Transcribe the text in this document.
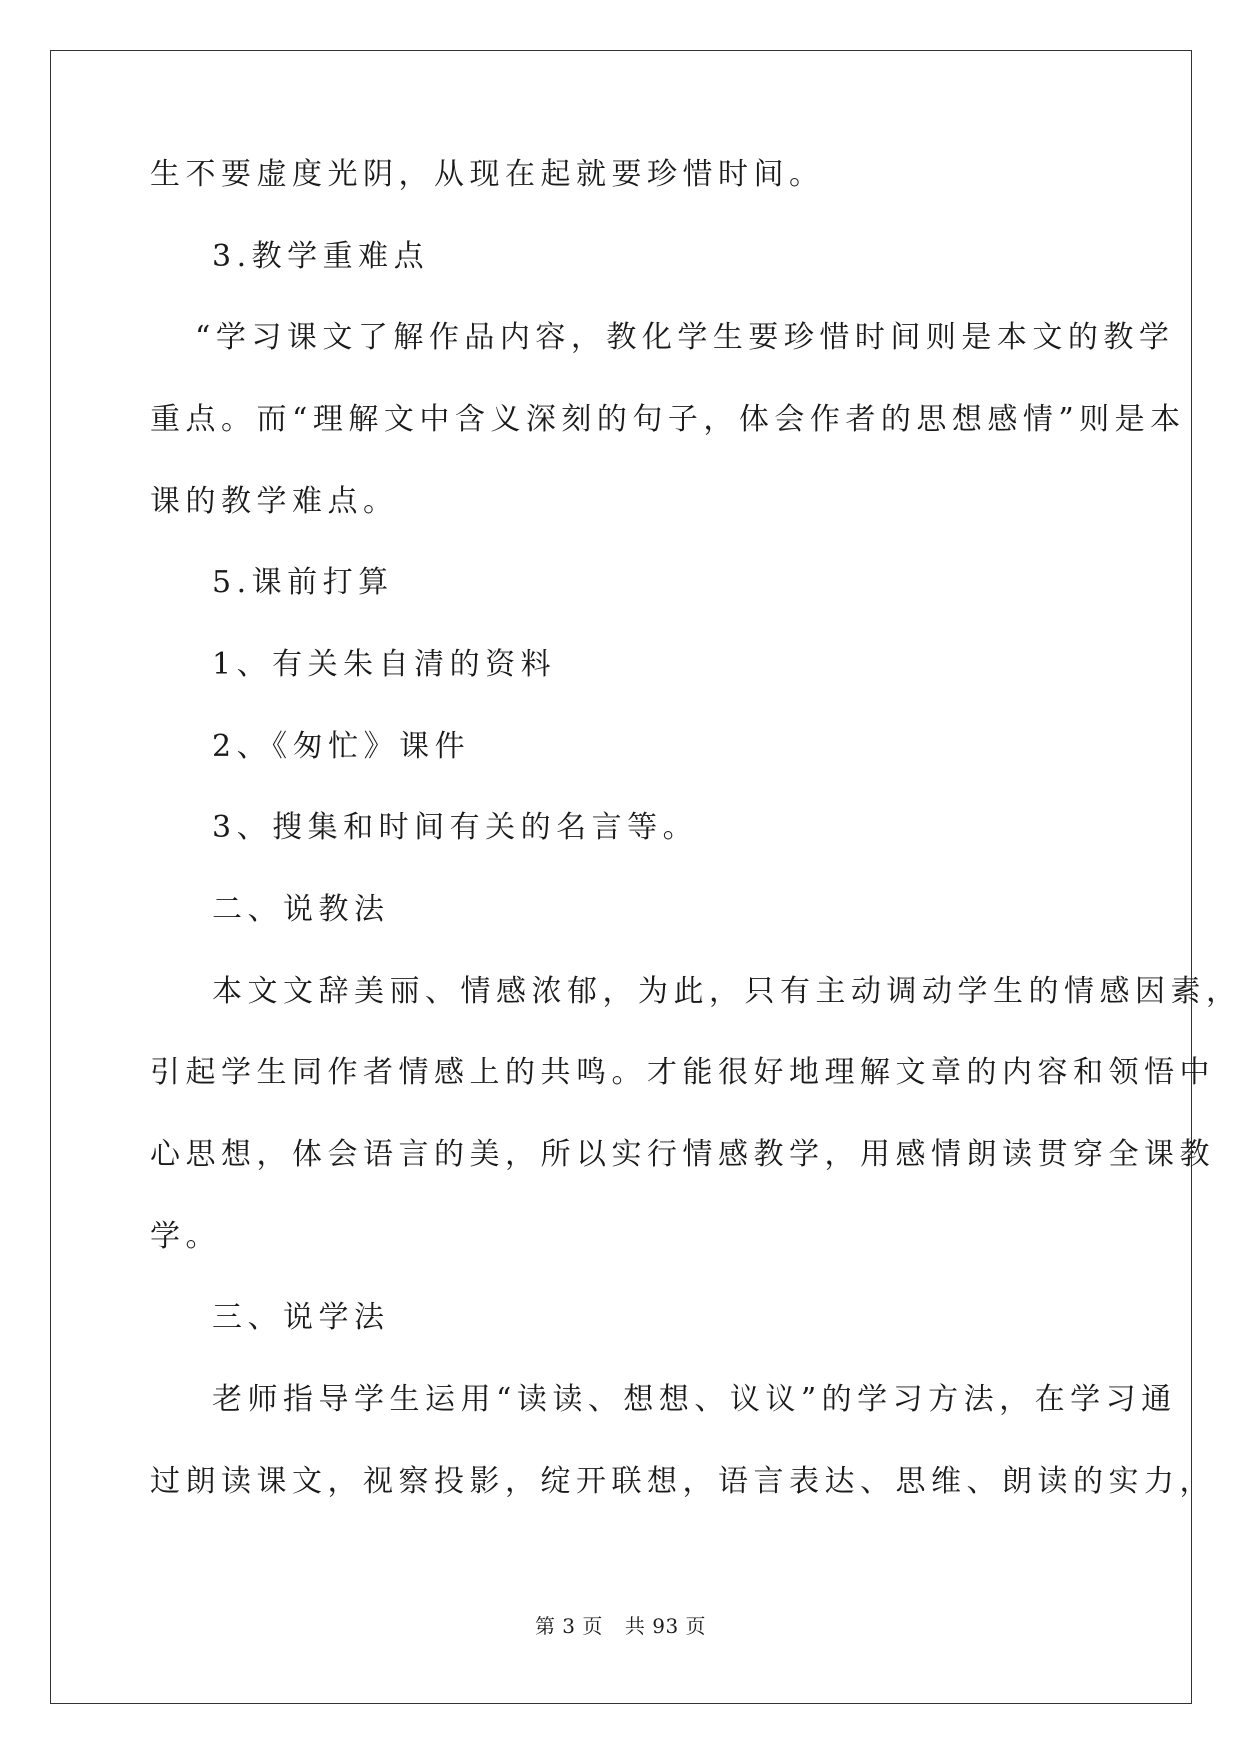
生不要虚度光阴，从现在起就要珍惜时间。
3.教学重难点
“学习课文了解作品内容，教化学生要珍惜时间则是本文的教学
重点。而“理解文中含义深刻的句子，体会作者的思想感情”则是本
课的教学难点。
5.课前打算
1、有关朱自清的资料
2、《匆忙》课件
3、搜集和时间有关的名言等。
二、说教法
本文文辞美丽、情感浓郁，为此，只有主动调动学生的情感因素，
引起学生同作者情感上的共鸣。才能很好地理解文章的内容和领悟中
心思想，体会语言的美，所以实行情感教学，用感情朗读贯穿全课教
学。
三、说学法
老师指导学生运用“读读、想想、议议”的学习方法，在学习通
过朗读课文，视察投影，绽开联想，语言表达、思维、朗读的实力，
第 3 页 共 93 页
